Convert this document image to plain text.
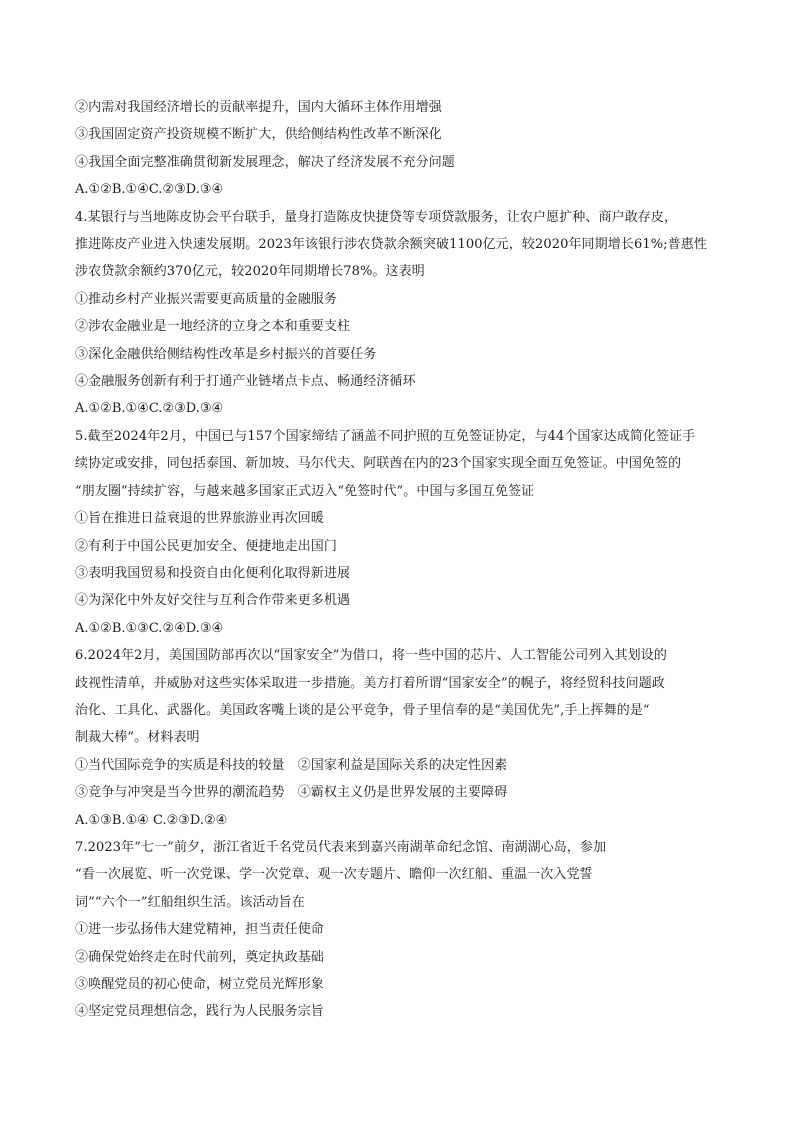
②内需对我国经济增长的贡献率提升，国内大循环主体作用增强
③我国固定资产投资规模不断扩大，供给侧结构性改革不断深化
④我国全面完整准确贯彻新发展理念，解决了经济发展不充分问题
A.①②B.①④C.②③D.③④
4.某银行与当地陈皮协会平台联手，量身打造陈皮快捷贷等专项贷款服务，让农户愿扩种、商户敢存皮，
推进陈皮产业进入快速发展期。2023年该银行涉农贷款余额突破1100亿元，较2020年同期增长61%;普惠性
涉农贷款余额约370亿元，较2020年同期增长78%。这表明
①推动乡村产业振兴需要更高质量的金融服务
②涉农金融业是一地经济的立身之本和重要支柱
③深化金融供给侧结构性改革是乡村振兴的首要任务
④金融服务创新有利于打通产业链堵点卡点、畅通经济循环
A.①②B.①④C.②③D.③④
5.截至2024年2月，中国已与157个国家缔结了涵盖不同护照的互免签证协定，与44个国家达成简化签证手
续协定或安排，同包括泰国、新加坡、马尔代夫、阿联酋在内的23个国家实现全面互免签证。中国免签的
“朋友圈”持续扩容，与越来越多国家正式迈入“免签时代”。中国与多国互免签证
①旨在推进日益衰退的世界旅游业再次回暖
②有利于中国公民更加安全、便捷地走出国门
③表明我国贸易和投资自由化便利化取得新进展
④为深化中外友好交往与互利合作带来更多机遇
A.①②B.①③C.②④D.③④
6.2024年2月，美国国防部再次以“国家安全”为借口，将一些中国的芯片、人工智能公司列入其划设的
歧视性清单，并威胁对这些实体采取进一步措施。美方打着所谓“国家安全”的幌子，将经贸科技问题政
治化、工具化、武器化。美国政客嘴上谈的是公平竞争，骨子里信奉的是“美国优先”,手上挥舞的是“
制裁大棒”。材料表明
①当代国际竞争的实质是科技的较量　②国家利益是国际关系的决定性因素
③竞争与冲突是当今世界的潮流趋势　④霸权主义仍是世界发展的主要障碍
A.①③B.①④ C.②③D.②④
7.2023年“七一”前夕，浙江省近千名党员代表来到嘉兴南湖革命纪念馆、南湖湖心岛，参加
“看一次展览、听一次党课、学一次党章、观一次专题片、瞻仰一次红船、重温一次入党誓
词”“六个一”红船组织生活。该活动旨在
①进一步弘扬伟大建党精神，担当责任使命
②确保党始终走在时代前列，奠定执政基础
③唤醒党员的初心使命，树立党员光辉形象
④坚定党员理想信念，践行为人民服务宗旨
